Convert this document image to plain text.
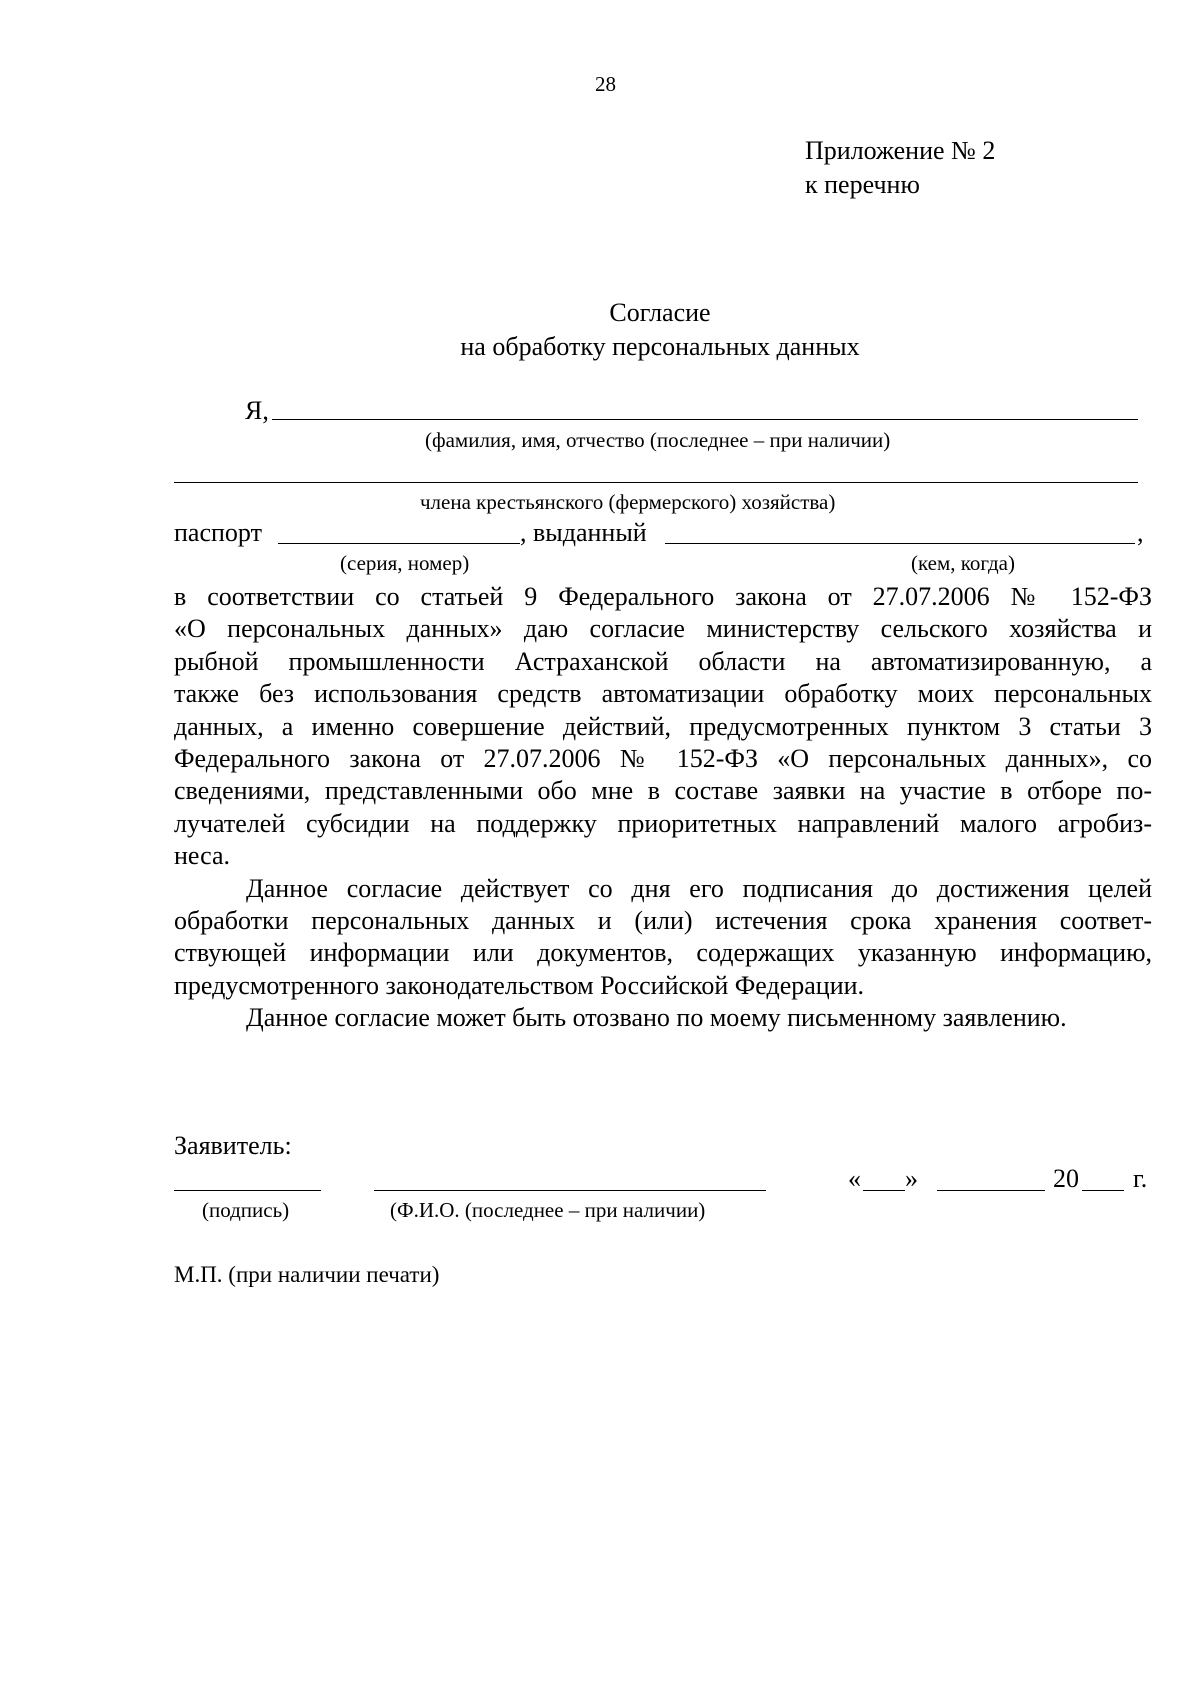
28
Приложение № 2
к перечню
Согласие
на обработку персональных данных
Я,
(фамилия, имя, отчество (последнее – при наличии)
члена крестьянского (фермерского) хозяйства)
паспорт	, выданный	,
(серия, номер)	(кем, когда)

в соответствии со статьей 9 Федерального закона от 27.07.2006 № 152-ФЗ

«О персональных данных» даю согласие министерству сельского хозяйства и

рыбной промышленности Астраханской области на автоматизированную, а

также без использования средств автоматизации обработку моих персональных

данных, а именно совершение действий, предусмотренных пунктом 3 статьи 3

Федерального закона от 27.07.2006 № 152-ФЗ «О персональных данных», со

сведениями, представленными обо мне в составе заявки на участие в отборе по-

лучателей субсидии на поддержку приоритетных направлений малого агробиз-

неса.

Данное согласие действует со дня его подписания до достижения целей

обработки персональных данных и (или) истечения срока хранения соответ-

ствующей информации или документов, содержащих указанную информацию,

предусмотренного законодательством Российской Федерации.

Данное согласие может быть отозвано по моему письменному заявлению.

Заявитель:
« »	20 г.
(подпись)	(Ф.И.О. (последнее – при наличии)
М.П. (при наличии печати)
